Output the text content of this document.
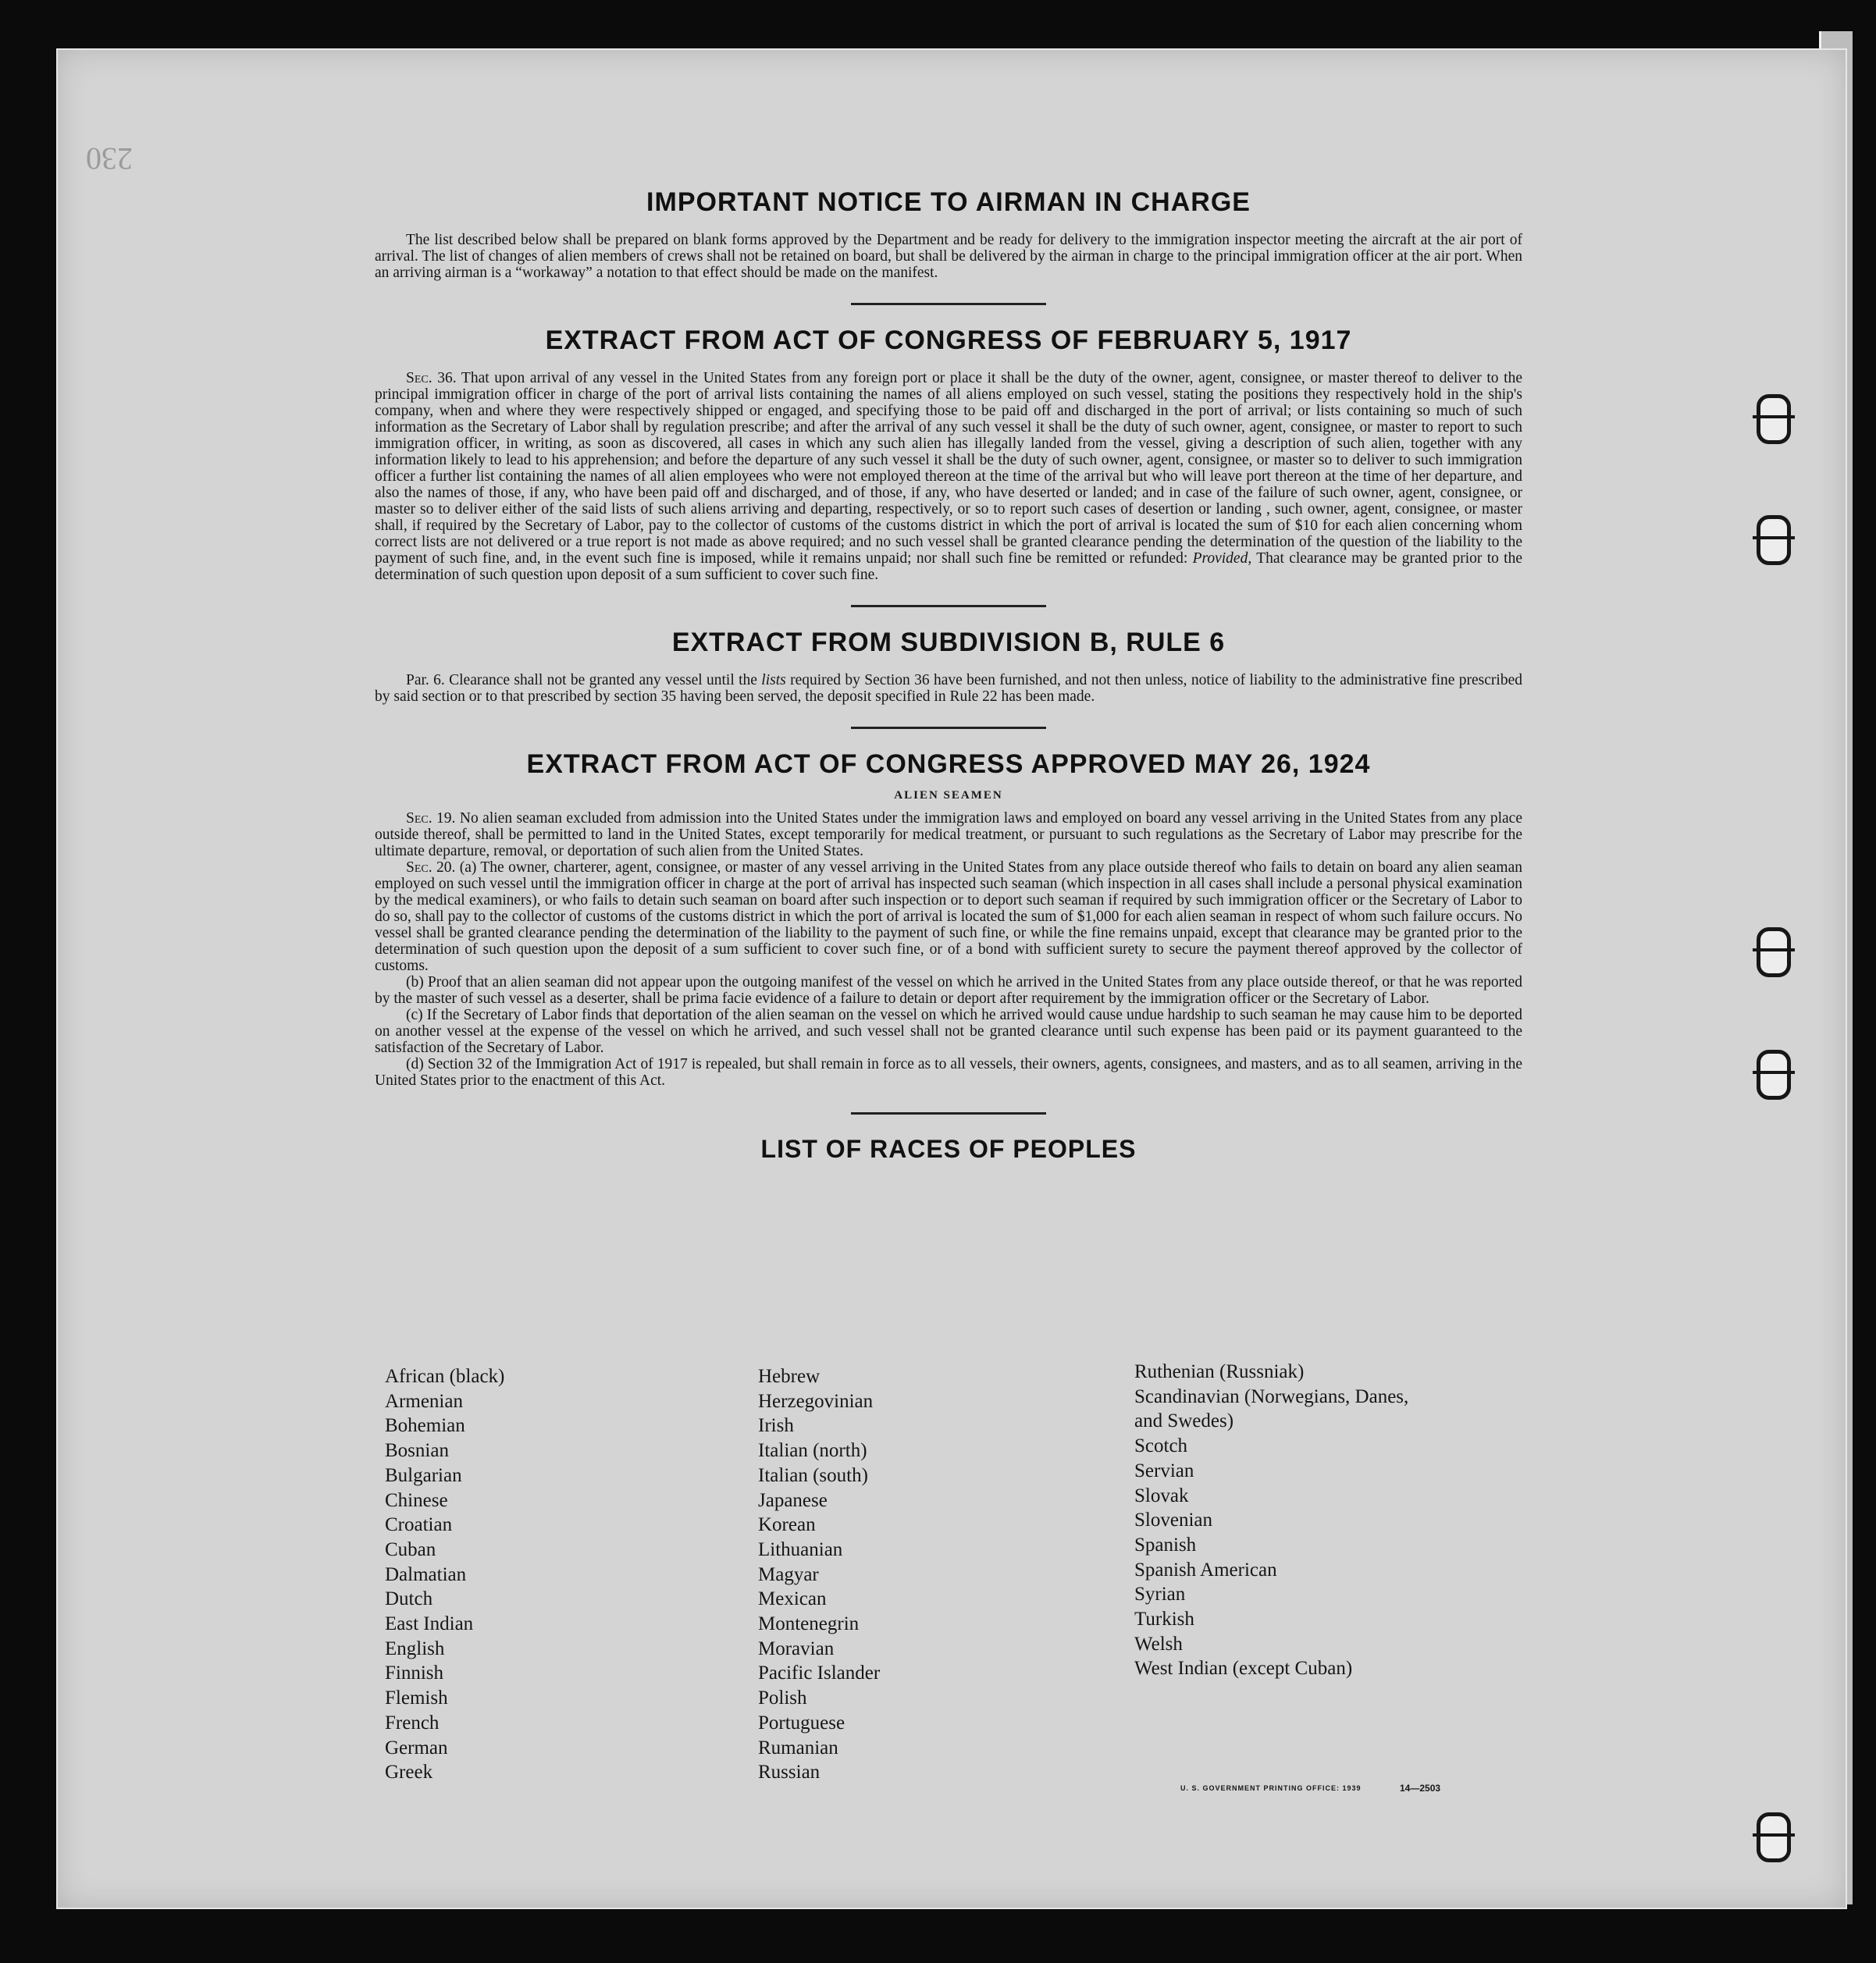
230
IMPORTANT NOTICE TO AIRMAN IN CHARGE

The list described below shall be prepared on blank forms approved by the Department and be ready for delivery to the immigration inspector meeting the aircraft at the air port of arrival. The list of changes of alien members of crews shall not be retained on board, but shall be delivered by the airman in charge to the principal immigration officer at the air port. When an arriving airman is a “workaway” a notation to that effect should be made on the manifest.

EXTRACT FROM ACT OF CONGRESS OF FEBRUARY 5, 1917

Sec. 36. That upon arrival of any vessel in the United States from any foreign port or place it shall be the duty of the owner, agent, consignee, or master thereof to deliver to the principal immigration officer in charge of the port of arrival lists containing the names of all aliens employed on such vessel, stating the positions they respectively hold in the ship's company, when and where they were respectively shipped or engaged, and specifying those to be paid off and discharged in the port of arrival; or lists containing so much of such information as the Secretary of Labor shall by regulation prescribe; and after the arrival of any such vessel it shall be the duty of such owner, agent, consignee, or master to report to such immigration officer, in writing, as soon as discovered, all cases in which any such alien has illegally landed from the vessel, giving a description of such alien, together with any information likely to lead to his apprehension; and before the departure of any such vessel it shall be the duty of such owner, agent, consignee, or master so to deliver to such immigration officer a further list containing the names of all alien employees who were not employed thereon at the time of the arrival but who will leave port thereon at the time of her departure, and also the names of those, if any, who have been paid off and discharged, and of those, if any, who have deserted or landed; and in case of the failure of such owner, agent, consignee, or master so to deliver either of the said lists of such aliens arriving and departing, respectively, or so to report such cases of desertion or landing , such owner, agent, consignee, or master shall, if required by the Secretary of Labor, pay to the collector of customs of the customs district in which the port of arrival is located the sum of $10 for each alien concerning whom correct lists are not delivered or a true report is not made as above required; and no such vessel shall be granted clearance pending the determination of the question of the liability to the payment of such fine, and, in the event such fine is imposed, while it remains unpaid; nor shall such fine be remitted or refunded: Provided, That clearance may be granted prior to the determination of such question upon deposit of a sum sufficient to cover such fine.

EXTRACT FROM SUBDIVISION B, RULE 6

Par. 6. Clearance shall not be granted any vessel until the lists required by Section 36 have been furnished, and not then unless, notice of liability to the administrative fine prescribed by said section or to that prescribed by section 35 having been served, the deposit specified in Rule 22 has been made.

EXTRACT FROM ACT OF CONGRESS APPROVED MAY 26, 1924
ALIEN SEAMEN

Sec. 19. No alien seaman excluded from admission into the United States under the immigration laws and employed on board any vessel arriving in the United States from any place outside thereof, shall be permitted to land in the United States, except temporarily for medical treatment, or pursuant to such regulations as the Secretary of Labor may prescribe for the ultimate departure, removal, or deportation of such alien from the United States.

Sec. 20. (a) The owner, charterer, agent, consignee, or master of any vessel arriving in the United States from any place outside thereof who fails to detain on board any alien seaman employed on such vessel until the immigration officer in charge at the port of arrival has inspected such seaman (which inspection in all cases shall include a personal physical examination by the medical examiners), or who fails to detain such seaman on board after such inspection or to deport such seaman if required by such immigration officer or the Secretary of Labor to do so, shall pay to the collector of customs of the customs district in which the port of arrival is located the sum of $1,000 for each alien seaman in respect of whom such failure occurs. No vessel shall be granted clearance pending the determination of the liability to the payment of such fine, or while the fine remains unpaid, except that clearance may be granted prior to the determination of such question upon the deposit of a sum sufficient to cover such fine, or of a bond with sufficient surety to secure the payment thereof approved by the collector of customs.

(b) Proof that an alien seaman did not appear upon the outgoing manifest of the vessel on which he arrived in the United States from any place outside thereof, or that he was reported by the master of such vessel as a deserter, shall be prima facie evidence of a failure to detain or deport after requirement by the immigration officer or the Secretary of Labor.

(c) If the Secretary of Labor finds that deportation of the alien seaman on the vessel on which he arrived would cause undue hardship to such seaman he may cause him to be deported on another vessel at the expense of the vessel on which he arrived, and such vessel shall not be granted clearance until such expense has been paid or its payment guaranteed to the satisfaction of the Secretary of Labor.

(d) Section 32 of the Immigration Act of 1917 is repealed, but shall remain in force as to all vessels, their owners, agents, consignees, and masters, and as to all seamen, arriving in the United States prior to the enactment of this Act.

LIST OF RACES OF PEOPLES
African (black)
Armenian
Bohemian
Bosnian
Bulgarian
Chinese
Croatian
Cuban
Dalmatian
Dutch
East Indian
English
Finnish
Flemish
French
German
Greek
Hebrew
Herzegovinian
Irish
Italian (north)
Italian (south)
Japanese
Korean
Lithuanian
Magyar
Mexican
Montenegrin
Moravian
Pacific Islander
Polish
Portuguese
Rumanian
Russian
Ruthenian (Russniak)
Scandinavian (Norwegians, Danes,
and Swedes)
Scotch
Servian
Slovak
Slovenian
Spanish
Spanish American
Syrian
Turkish
Welsh
West Indian (except Cuban)
U. S. GOVERNMENT PRINTING OFFICE: 1939	14—2503
